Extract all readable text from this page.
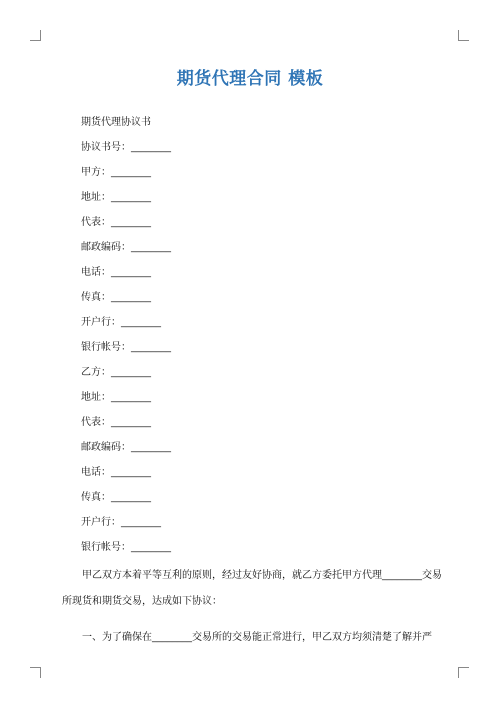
期货代理合同 模板
期货代理协议书
协议书号：________
甲方：________
地址：________
代表：________
邮政编码：________
电话：________
传真：________
开户行：________
银行帐号：________
乙方：________
地址：________
代表：________
邮政编码：________
电话：________
传真：________
开户行：________
银行帐号：________
甲乙双方本着平等互利的原则，经过友好协商，就乙方委托甲方代理________交易所现货和期货交易，达成如下协议：
一、为了确保在________交易所的交易能正常进行，甲乙双方均须清楚了解并严
